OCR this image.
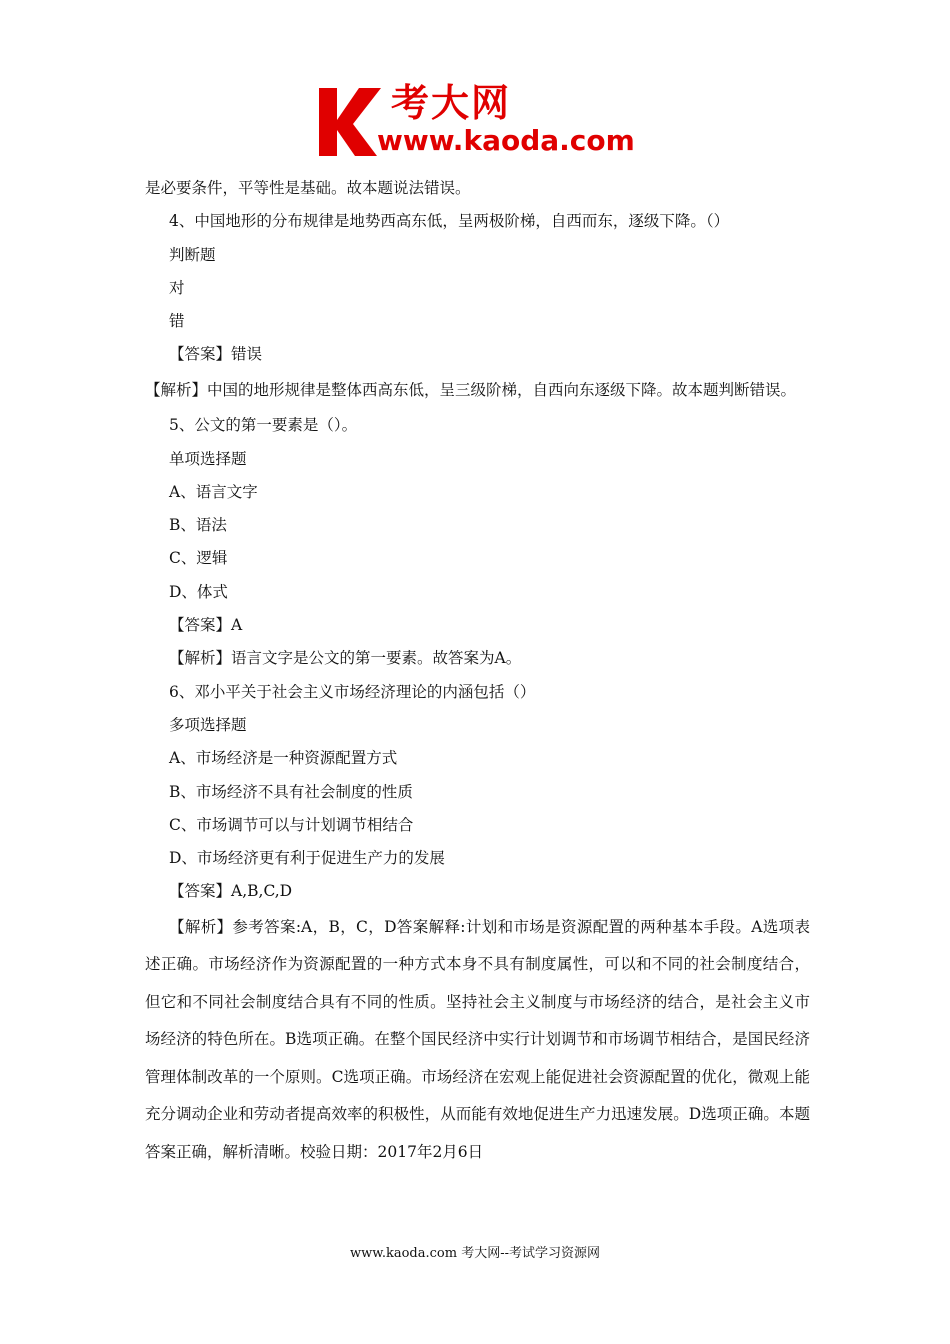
考大网
www.kaoda.com

是必要条件，平等性是基础。故本题说法错误。

4、中国地形的分布规律是地势西高东低，呈两极阶梯，自西而东，逐级下降。（）

判断题

对

错

【答案】错误

【解析】中国的地形规律是整体西高东低，呈三级阶梯，自西向东逐级下降。故本题判断错误。

5、公文的第一要素是（）。

单项选择题

A、语言文字

B、语法

C、逻辑

D、体式

【答案】A

【解析】语言文字是公文的第一要素。故答案为A。

6、邓小平关于社会主义市场经济理论的内涵包括（）

多项选择题

A、市场经济是一种资源配置方式

B、市场经济不具有社会制度的性质

C、市场调节可以与计划调节相结合

D、市场经济更有利于促进生产力的发展

【答案】A,B,C,D

【解析】参考答案:A，B，C，D答案解释:计划和市场是资源配置的两种基本手段。A选项表述正确。市场经济作为资源配置的一种方式本身不具有制度属性，可以和不同的社会制度结合，但它和不同社会制度结合具有不同的性质。坚持社会主义制度与市场经济的结合，是社会主义市场经济的特色所在。B选项正确。在整个国民经济中实行计划调节和市场调节相结合，是国民经济管理体制改革的一个原则。C选项正确。市场经济在宏观上能促进社会资源配置的优化，微观上能充分调动企业和劳动者提高效率的积极性，从而能有效地促进生产力迅速发展。D选项正确。本题答案正确，解析清晰。校验日期：2017年2月6日

www.kaoda.com 考大网--考试学习资源网
